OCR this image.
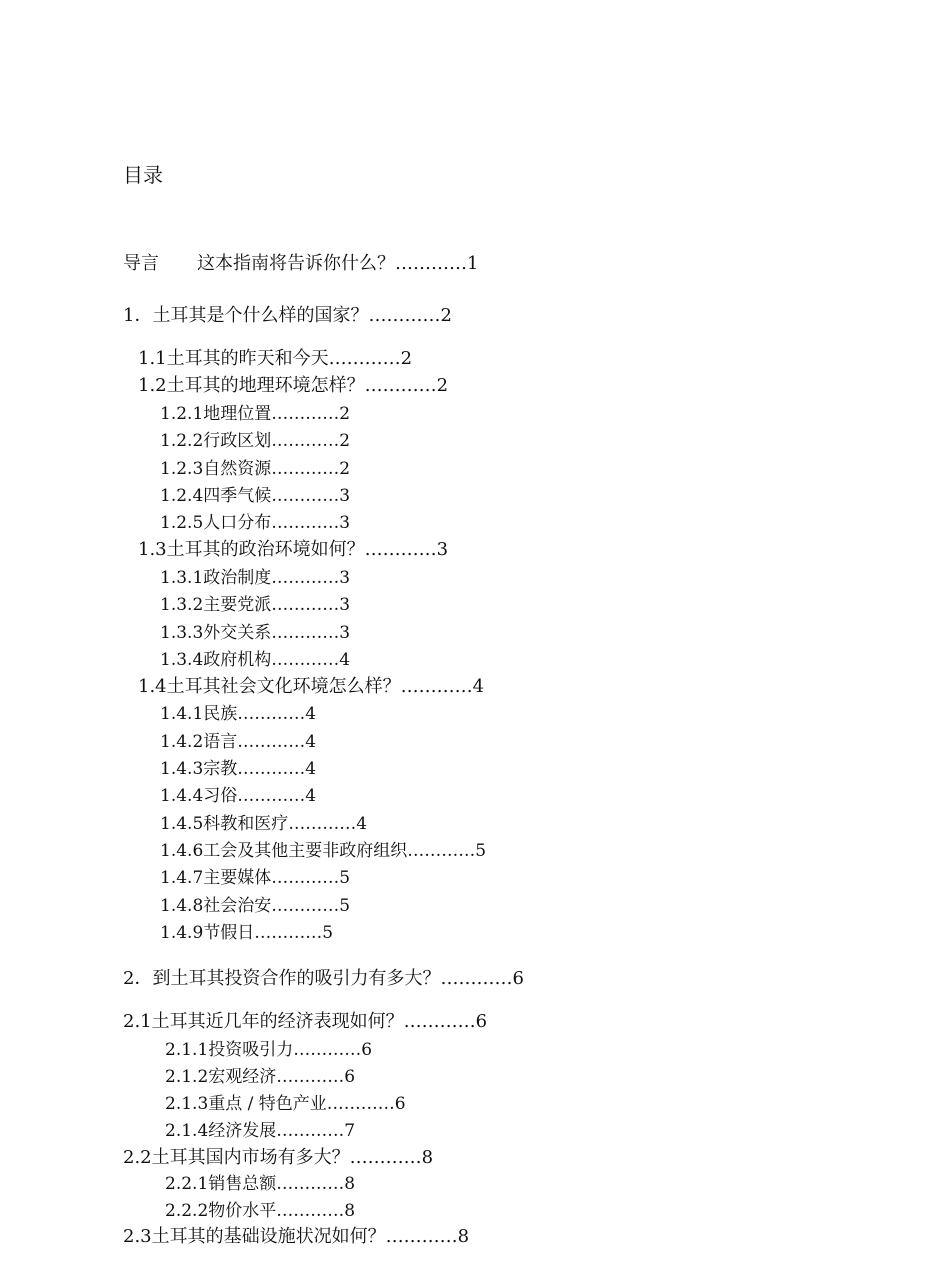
目录
导言 这本指南将告诉你什么？…………1
1．土耳其是个什么样的国家？…………2
1.1土耳其的昨天和今天…………2
1.2土耳其的地理环境怎样？…………2
1.2.1地理位置…………2
1.2.2行政区划…………2
1.2.3自然资源…………2
1.2.4四季气候…………3
1.2.5人口分布…………3
1.3土耳其的政治环境如何？…………3
1.3.1政治制度…………3
1.3.2主要党派…………3
1.3.3外交关系…………3
1.3.4政府机构…………4
1.4土耳其社会文化环境怎么样？…………4
1.4.1民族…………4
1.4.2语言…………4
1.4.3宗教…………4
1.4.4习俗…………4
1.4.5科教和医疗…………4
1.4.6工会及其他主要非政府组织…………5
1.4.7主要媒体…………5
1.4.8社会治安…………5
1.4.9节假日…………5
2．到土耳其投资合作的吸引力有多大？…………6
2.1土耳其近几年的经济表现如何？…………6
2.1.1投资吸引力…………6
2.1.2宏观经济…………6
2.1.3重点 / 特色产业…………6
2.1.4经济发展…………7
2.2土耳其国内市场有多大？…………8
2.2.1销售总额…………8
2.2.2物价水平…………8
2.3土耳其的基础设施状况如何？…………8
